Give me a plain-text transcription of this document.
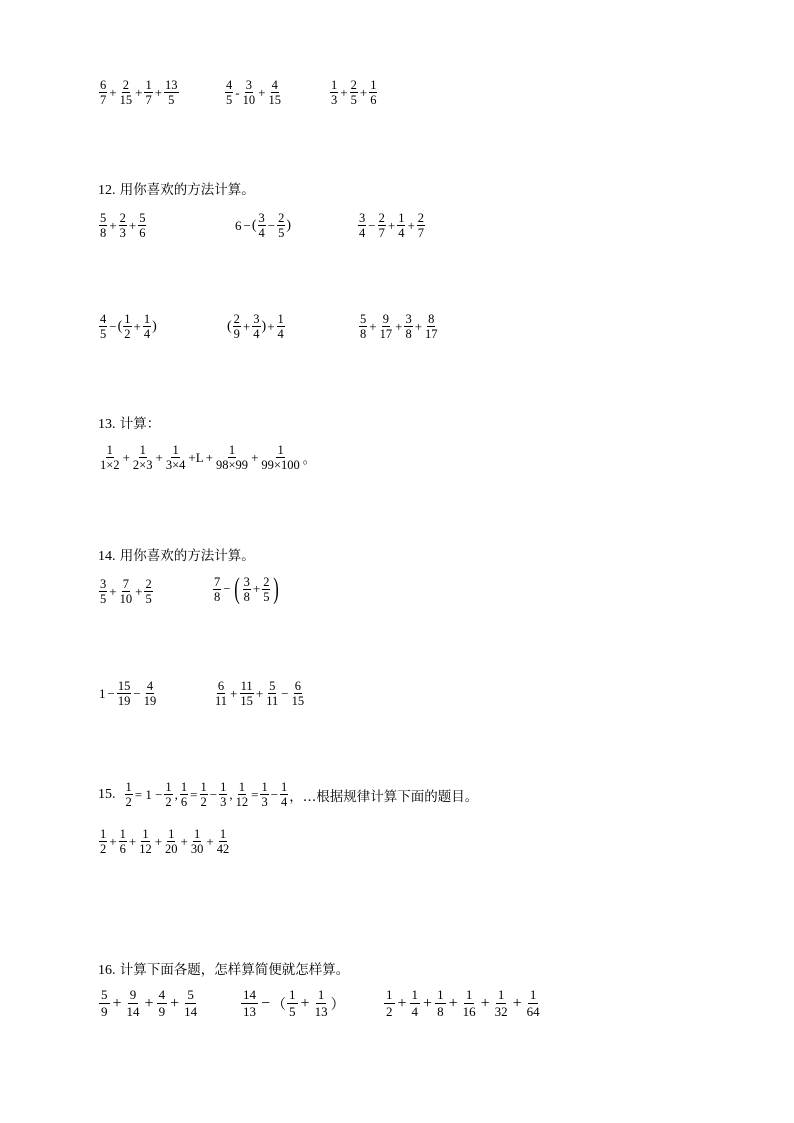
$\frac{6}{7} + \frac{2}{15} + \frac{1}{7} + \frac{13}{5}$	$\frac{4}{5} - \frac{3}{10} + \frac{4}{15}$	$\frac{1}{3} + \frac{2}{5} + \frac{1}{6}$
12. 用你喜欢的方法计算。
$\frac{5}{8} + \frac{2}{3} + \frac{5}{6}$	6 − ( $\frac{3}{4} - \frac{2}{5}$ )	$\frac{3}{4} - \frac{2}{7} + \frac{1}{4} + \frac{2}{7}$
$\frac{4}{5}$ − ( $\frac{1}{2} + \frac{1}{4}$ )	( $\frac{2}{9} + \frac{3}{4}$ ) + $\frac{1}{4}$	$\frac{5}{8} + \frac{9}{17} + \frac{3}{8} + \frac{8}{17}$
13. 计算：
$\frac{1}{1\times 2} + \frac{1}{2\times 3} + \frac{1}{3\times 4} +L + \frac{1}{98\times 99} + \frac{1}{99\times 100}$ 。
14. 用你喜欢的方法计算。
$\frac{3}{5} + \frac{7}{10} + \frac{2}{5}$	$\frac{7}{8}$ − ( $\frac{3}{8} + \frac{2}{5}$ )
$1 - \frac{15}{19} - \frac{4}{19}$	$\frac{6}{11} + \frac{11}{15} + \frac{5}{11} - \frac{6}{15}$
15. $\frac{1}{2} = 1 - \frac{1}{2}$ , $\frac{1}{6} = \frac{1}{2} - \frac{1}{3}$ , $\frac{1}{12} = \frac{1}{3} - \frac{1}{4}$ ，…根据规律计算下面的题目。
$\frac{1}{2} + \frac{1}{6} + \frac{1}{12} + \frac{1}{20} + \frac{1}{30} + \frac{1}{42}$
16. 计算下面各题，怎样算简便就怎样算。
$\frac{5}{9} + \frac{9}{14} + \frac{4}{9} + \frac{5}{14}$	$\frac{14}{13}$ − （ $\frac{1}{5} + \frac{1}{13}$ ）	$\frac{1}{2} + \frac{1}{4} + \frac{1}{8} + \frac{1}{16} + \frac{1}{32} + \frac{1}{64}$
